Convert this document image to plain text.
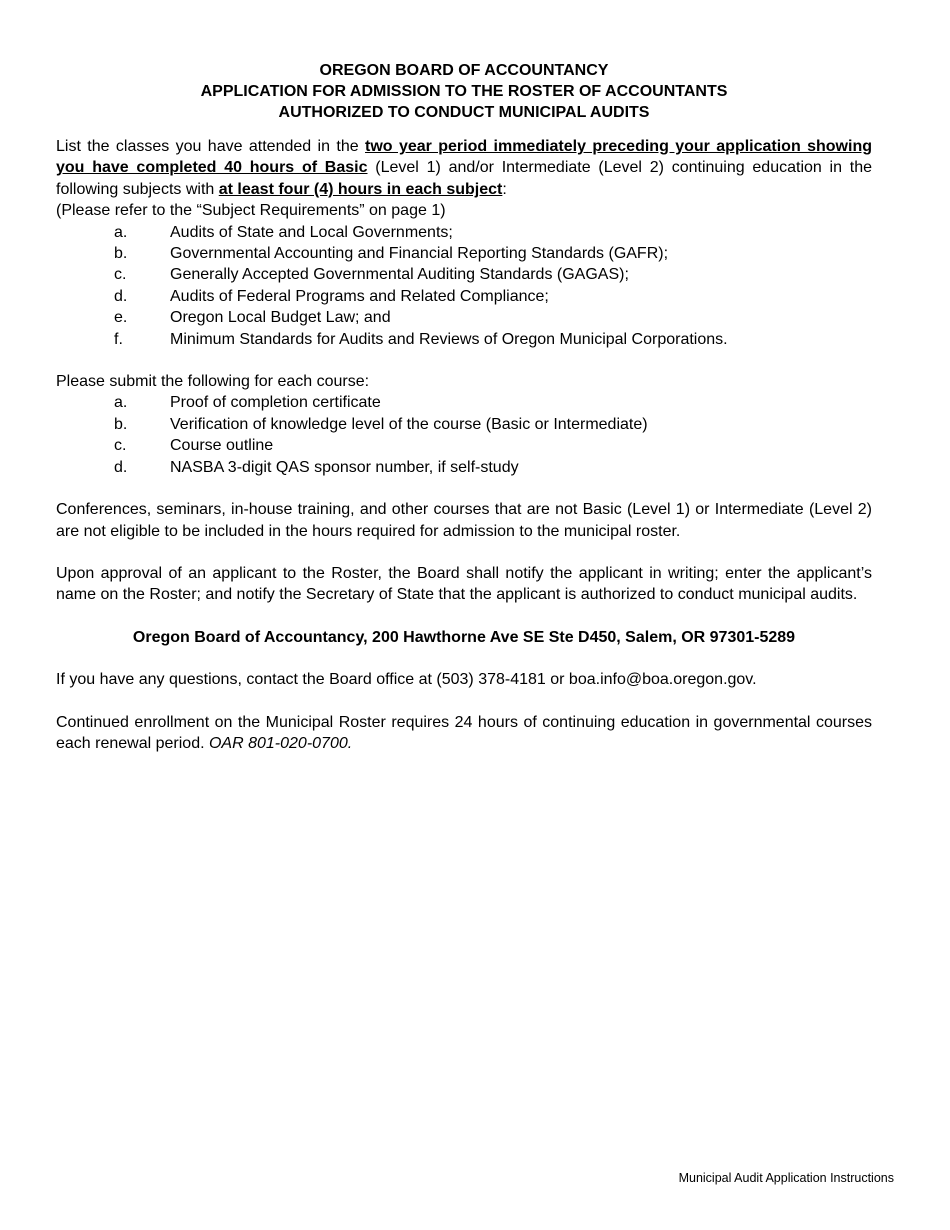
OREGON BOARD OF ACCOUNTANCY
APPLICATION FOR ADMISSION TO THE ROSTER OF ACCOUNTANTS
AUTHORIZED TO CONDUCT MUNICIPAL AUDITS

List the classes you have attended in the two year period immediately preceding your application showing you have completed 40 hours of Basic (Level 1) and/or Intermediate (Level 2) continuing education in the following subjects with at least four (4) hours in each subject:

(Please refer to the “Subject Requirements” on page 1)

a.	Audits of State and Local Governments;
b.	Governmental Accounting and Financial Reporting Standards (GAFR);
c.	Generally Accepted Governmental Auditing Standards (GAGAS);
d.	Audits of Federal Programs and Related Compliance;
e.	Oregon Local Budget Law; and
f.	Minimum Standards for Audits and Reviews of Oregon Municipal Corporations.

Please submit the following for each course:

a.	Proof of completion certificate
b.	Verification of knowledge level of the course (Basic or Intermediate)
c.	Course outline
d.	NASBA 3-digit QAS sponsor number, if self-study

Conferences, seminars, in-house training, and other courses that are not Basic (Level 1) or Intermediate (Level 2) are not eligible to be included in the hours required for admission to the municipal roster.

Upon approval of an applicant to the Roster, the Board shall notify the applicant in writing; enter the applicant’s name on the Roster; and notify the Secretary of State that the applicant is authorized to conduct municipal audits.

Oregon Board of Accountancy, 200 Hawthorne Ave SE Ste D450, Salem, OR 97301-5289

If you have any questions, contact the Board office at (503) 378-4181 or boa.info@boa.oregon.gov.

Continued enrollment on the Municipal Roster requires 24 hours of continuing education in governmental courses each renewal period. OAR 801-020-0700.

Municipal Audit Application Instructions
